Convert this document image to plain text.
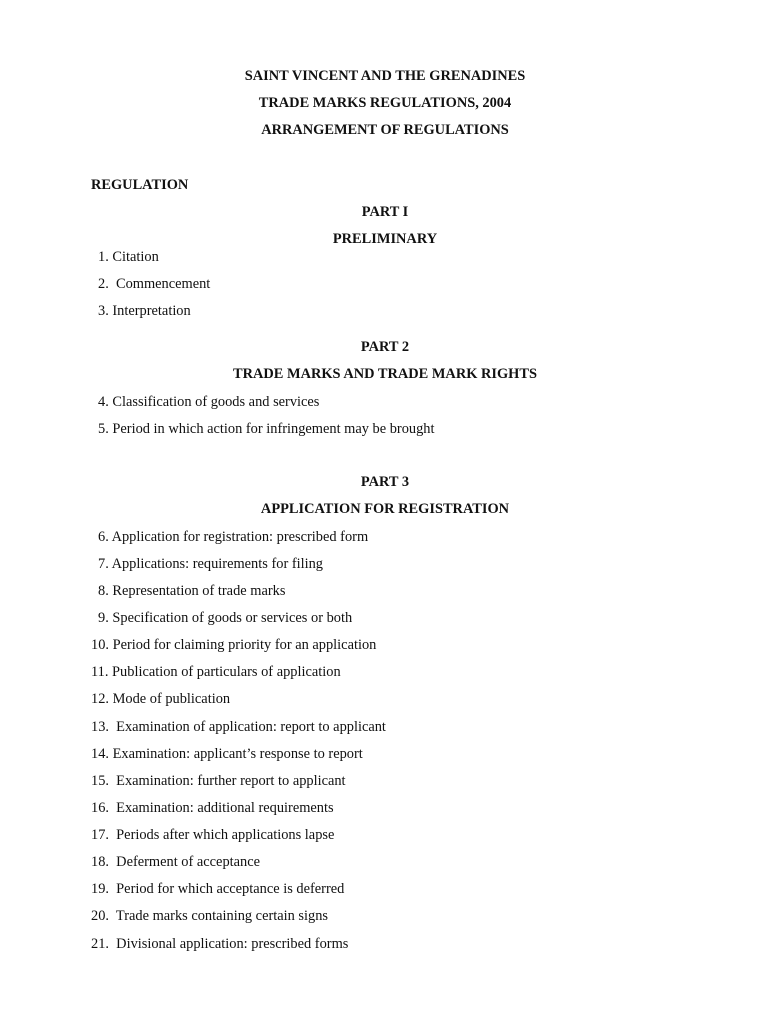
SAINT VINCENT AND THE GRENADINES
TRADE MARKS REGULATIONS, 2004
ARRANGEMENT OF REGULATIONS
REGULATION
PART I
PRELIMINARY
1. Citation
2.  Commencement
3. Interpretation
PART 2
TRADE MARKS AND TRADE MARK RIGHTS
4. Classification of goods and services
5. Period in which action for infringement may be brought
PART 3
APPLICATION FOR REGISTRATION
6. Application for registration: prescribed form
7. Applications: requirements for filing
8. Representation of trade marks
9. Specification of goods or services or both
10. Period for claiming priority for an application
11. Publication of particulars of application
12. Mode of publication
13.  Examination of application: report to applicant
14. Examination: applicant’s response to report
15.  Examination: further report to applicant
16.  Examination: additional requirements
17.  Periods after which applications lapse
18.  Deferment of acceptance
19.  Period for which acceptance is deferred
20.  Trade marks containing certain signs
21.  Divisional application: prescribed forms
